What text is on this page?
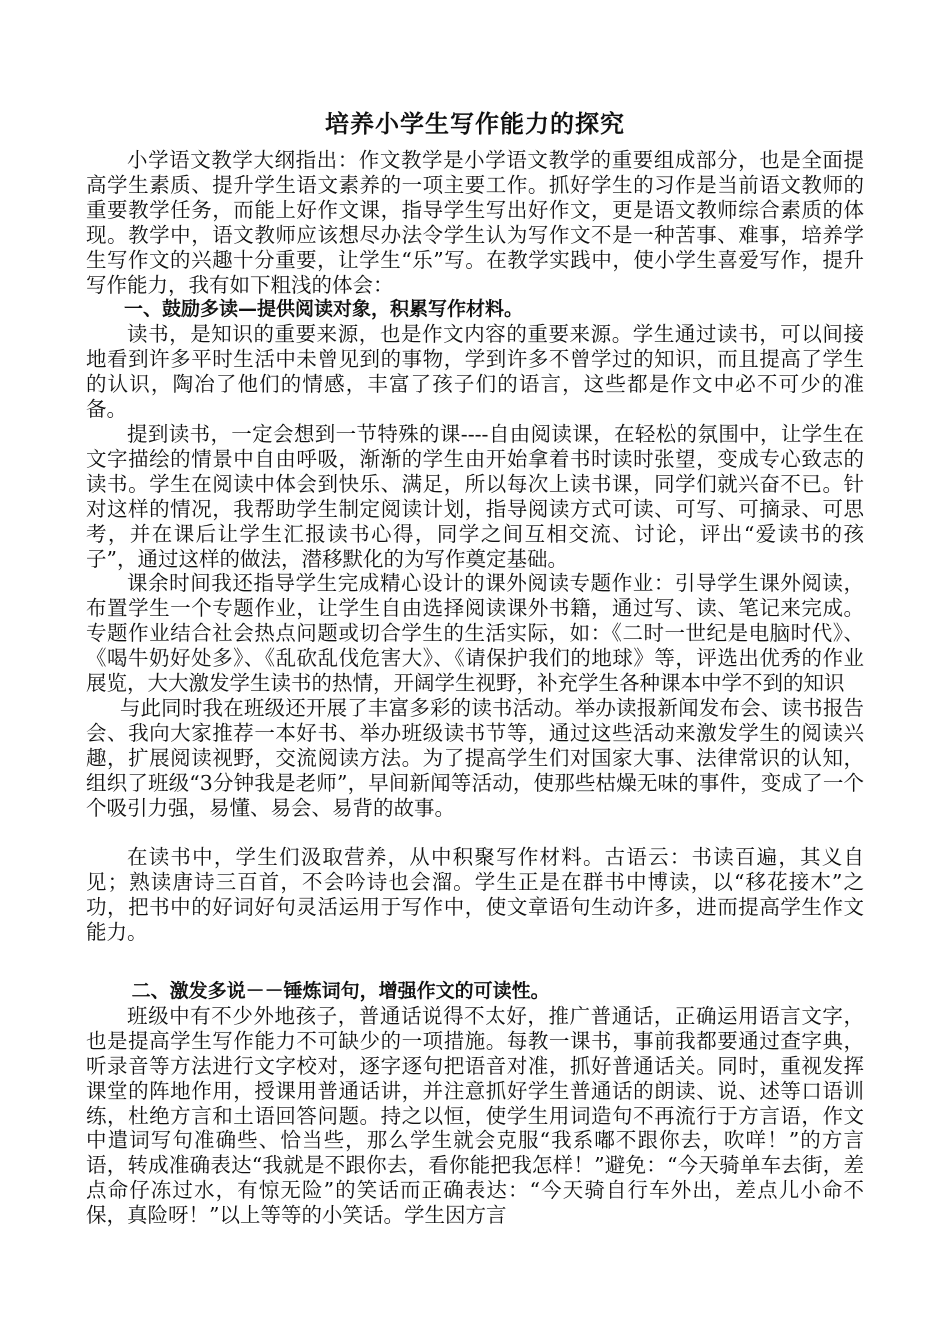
培养小学生写作能力的探究

小学语文教学大纲指出：作文教学是小学语文教学的重要组成部分，也是全面提高学生素质、提升学生语文素养的一项主要工作。抓好学生的习作是当前语文教师的重要教学任务，而能上好作文课，指导学生写出好作文，更是语文教师综合素质的体现。教学中，语文教师应该想尽办法令学生认为写作文不是一种苦事、难事，培养学生写作文的兴趣十分重要，让学生“乐”写。在教学实践中，使小学生喜爱写作，提升写作能力，我有如下粗浅的体会：

一、鼓励多读—提供阅读对象，积累写作材料。

读书，是知识的重要来源，也是作文内容的重要来源。学生通过读书，可以间接地看到许多平时生活中未曾见到的事物，学到许多不曾学过的知识，而且提高了学生的认识，陶冶了他们的情感，丰富了孩子们的语言，这些都是作文中必不可少的准备。

提到读书，一定会想到一节特殊的课----自由阅读课，在轻松的氛围中，让学生在文字描绘的情景中自由呼吸，渐渐的学生由开始拿着书时读时张望，变成专心致志的读书。学生在阅读中体会到快乐、满足，所以每次上读书课，同学们就兴奋不已。针对这样的情况，我帮助学生制定阅读计划，指导阅读方式可读、可写、可摘录、可思考，并在课后让学生汇报读书心得，同学之间互相交流、讨论，评出“爱读书的孩子”，通过这样的做法，潜移默化的为写作奠定基础。

课余时间我还指导学生完成精心设计的课外阅读专题作业：引导学生课外阅读，布置学生一个专题作业，让学生自由选择阅读课外书籍，通过写、读、笔记来完成。专题作业结合社会热点问题或切合学生的生活实际，如：《二时一世纪是电脑时代》、《喝牛奶好处多》、《乱砍乱伐危害大》、《请保护我们的地球》等，评选出优秀的作业展览，大大激发学生读书的热情，开阔学生视野，补充学生各种课本中学不到的知识

与此同时我在班级还开展了丰富多彩的读书活动。举办读报新闻发布会、读书报告会、我向大家推荐一本好书、举办班级读书节等，通过这些活动来激发学生的阅读兴趣，扩展阅读视野，交流阅读方法。为了提高学生们对国家大事、法律常识的认知，组织了班级“3分钟我是老师”，早间新闻等活动，使那些枯燥无味的事件，变成了一个个吸引力强，易懂、易会、易背的故事。

在读书中，学生们汲取营养，从中积聚写作材料。古语云：书读百遍，其义自见；熟读唐诗三百首，不会吟诗也会溜。学生正是在群书中博读，以“移花接木”之功，把书中的好词好句灵活运用于写作中，使文章语句生动许多，进而提高学生作文能力。

二、激发多说－－锤炼词句，增强作文的可读性。

班级中有不少外地孩子，普通话说得不太好，推广普通话，正确运用语言文字，也是提高学生写作能力不可缺少的一项措施。每教一课书，事前我都要通过查字典，听录音等方法进行文字校对，逐字逐句把语音对准，抓好普通话关。同时，重视发挥课堂的阵地作用，授课用普通话讲，并注意抓好学生普通话的朗读、说、述等口语训练，杜绝方言和土语回答问题。持之以恒，使学生用词造句不再流行于方言语，作文中遣词写句准确些、恰当些，那么学生就会克服“我系嘟不跟你去，吹咩！”的方言语，转成准确表达“我就是不跟你去，看你能把我怎样！”避免：“今天骑单车去街，差点命仔冻过水，有惊无险”的笑话而正确表达：“今天骑自行车外出，差点儿小命不保，真险呀！”以上等等的小笑话。学生因方言
